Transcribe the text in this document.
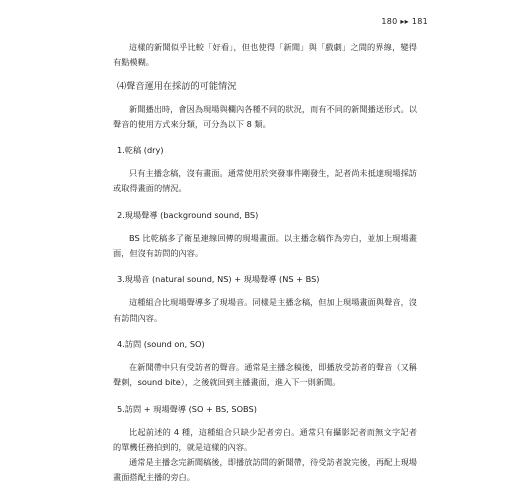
180 ▸▸ 181

這樣的新聞似乎比較「好看」，但也使得「新聞」與「戲劇」之間的界線，變得有點模糊。

⑷聲音運用在採訪的可能情況

新聞播出時，會因為現場與欄內各種不同的狀況，而有不同的新聞播送形式。以聲音的使用方式來分類，可分為以下 8 類。

1.乾稿 (dry)

只有主播念稿，沒有畫面。通常使用於突發事件剛發生，記者尚未抵達現場採訪或取得畫面的情況。

2.現場聲導 (background sound, BS)

BS 比乾稿多了衛星連線回傳的現場畫面。以主播念稿作為旁白，並加上現場畫面，但沒有訪問的內容。

3.現場音 (natural sound, NS) + 現場聲導 (NS + BS)

這種組合比現場聲導多了現場音。同樣是主播念稿，但加上現場畫面與聲音，沒有訪問內容。

4.訪問 (sound on, SO)

在新聞帶中只有受訪者的聲音。通常是主播念稿後，即播放受訪者的聲音（又稱聲刺，sound bite），之後就回到主播畫面，進入下一則新聞。

5.訪問 + 現場聲導 (SO + BS, SOBS)

比起前述的 4 種，這種組合只缺少記者旁白。通常只有攝影記者而無文字記者的單機任務拍到的，就是這樣的內容。

通常是主播念完新聞稿後，即播放訪問的新聞帶，待受訪者說完後，再配上現場畫面搭配主播的旁白。
